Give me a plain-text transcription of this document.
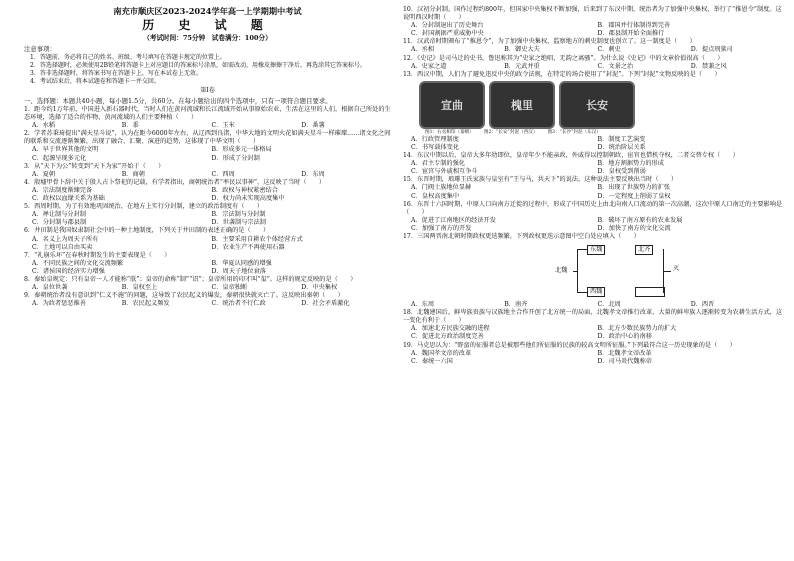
南充市顺庆区2023-2024学年高一上学期期中考试
历 史 试 题
（考试时间：75分钟　试卷满分：100分）
注意事项：
1．答题前，务必将自己的姓名、班级、考号填写在答题卡规定的位置上。
2．答选择题时，必须使用2B铅笔将答题卡上对应题目的答案标号涂黑，如需改动，用橡皮擦擦干净后，再选涂其它答案标号。
3．答非选择题时，将答案书写在答题卡上，写在本试卷上无效。
4．考试结束后，将本试题卷和答题卡一并交回。
第Ⅰ卷
一、选择题：本题共40小题，每小题1.5分，共60分。在每小题给出的四个选项中，只有一项符合题目要求。
1．距今约1万年前，中国进入新石器时代，当时人们在黄河流域和长江流域开始从事原始农业，生活在这里的人们，根据自己所处的生态环境，选择了适合的作物，黄河流域的人们主要种植（　　）
A．水稻	B．黍	C．玉米	D．番薯
2．学者苏秉琦提出“满天星斗说”，认为在距今6000年左右，从辽西到良渚，中华大地的文明火花如满天星斗一样璀璨……诸文化之间的联系和交流逐渐频繁，出现了融合、汇聚、演进的趋势，这体现了中华文明（　　）
A．早于世界其他的文明	B．形成多元一体格局
C．起源呈现多元化	D．形成了分封制
3．从“天下为公”转变到“天下为家”开始于（　　）
A．夏朝	B．商朝	C．西周	D．东周
4．殷墟甲骨卜辞中关于殷人占卜祭祀的记载，有学者指出，商朝统治者“率民以事神”，这反映了当时（　　）
A．宗法制度渐臻完备	B．政权与神权紧密结合
C．政权以血缘关系为基础	D．权力尚未实现高度集中
5．西周时期，为了有效地巩固统治，在地方上实行分封制，建立的政治制度有（　　）
A．禅让制与分封制	B．宗法制与分封制
C．分封制与郡县制	D．世袭制与宗法制
6．井田制是我国奴隶制社会中的一种土地制度，下列关于井田制的表述正确的是（　　）
A．名义上为周天子所有	B．主要采用自耕农个体经营方式
C．土地可以自由买卖	D．农业生产不再使用石器
7．“礼崩乐坏”在春秋时期发生的主要表现是（　　）
A．不同民族之间的文化交流频繁	B．华夏认同感的增强
C．诸侯国的经济实力增强	D．周天子地位衰落
8．秦始皇规定：只有皇帝一人才能称“朕”；皇帝的命称“制”“诏”；皇帝所用的印才叫“玺”。这样的规定反映的是（　　）
A．皇位世袭	B．皇权至上	C．皇帝独断	D．中央集权
9．秦朝统治者没有意识到“仁义不施”的问题，这导致了农民起义的爆发，秦朝很快就灭亡了。这反映出秦朝（　　）
A．为政者惩恶推善	B．农民起义频发	C．统治者不行仁政	D．社会矛盾激化
10．汉初分封制，国作过程约800年，但国家中央集权不断加强，后来到了东汉中期，统治者为了加强中央集权，举行了“推恩令”制度。这说明西汉时期（　　）
A．分封制退出了历史舞台	B．郡国并行体制得到完善
C．封国割据严重威胁中央	D．郡县制开始全面推行
11．汉武帝时期颁布了“推恩令”，为了加强中央集权，监察地方的刺史制度也创立了。这一制度是（　　）
A．丞相	B．御史大夫	C．刺史	D．提点刑狱司
12．《史记》是司马迁的史书，鲁迅称其为“史家之绝唱，无韵之离骚”。为什么说《史记》中的文章价值很高（　　）
A．史家之道	B．元武并重	C．文景之治	D．禁兼之风
13．西汉中期，人们为了避免违反中央的政令法规，在特定的场合使用了“封泥”。下列“封泥”文物反映的是（　　）
宣曲	槐里	长安
图1：右丞相印（秦朝） 图2：“长安”封泥（西汉） 图3：“长沙”封泥（东汉）
A．行政管理制度	B．制度工艺演变
C．书写载体变化	D．统治阶层关系
14．东汉中期以后，皇帝大多年幼即位，皇帝年少不能亲政，外戚得以控制朝政，宦官也借机夺权，二者交替专权（　　）
A．君主专制的强化	B．地方割据势力的形成
C．宦官与外戚相互争斗	D．皇权受到削弱
15．东晋时期，琅琊王氏家族与皇室有“王与马，共天下”的说法。这种说法主要反映出当时（　　）
A．门阀士族地位显赫	B．出现了世族势力的扩张
C．皇权高度集中	D．一定程度上削弱了皇权
16．东晋十六国时期，中原人口向南方迁徙的过程中，形成了中国历史上由北向南人口流动的第一次高潮，这次中原人口南迁的主要影响是（　　）
A．促进了江南地区的经济开发	B．破坏了南方原有的农业发展
C．加强了南方的开发	D．加快了南方的文化交流
17．三国两晋南北朝时期政权更迭频繁，下列政权更迭示意图中空白处应填入（　　）
北魏
东魏	北齐
西魏

灭
A．东周	B．南齐	C．北周	D．西晋
18．北魏建国后，鲜卑族贵族与汉族地主合作开创了北方统一的局面，北魏孝文帝推行改革，大量的鲜卑族人逐渐转变为农耕生活方式，这一变化有利于（　　）
A．加速北方民族交融的进程	B．北方少数民族势力的扩大
C．促进北方政治制度完善	D．政治中心的南移
19．马克思认为：“野蛮的征服者总是被那些他们所征服的民族的较高文明所征服。”下列最符合这一历史现象的是（　　）
A．魏国孝文帝的改革	B．北魏孝文帝改革
C．秦统一六国	D．司马炎代魏称帝
